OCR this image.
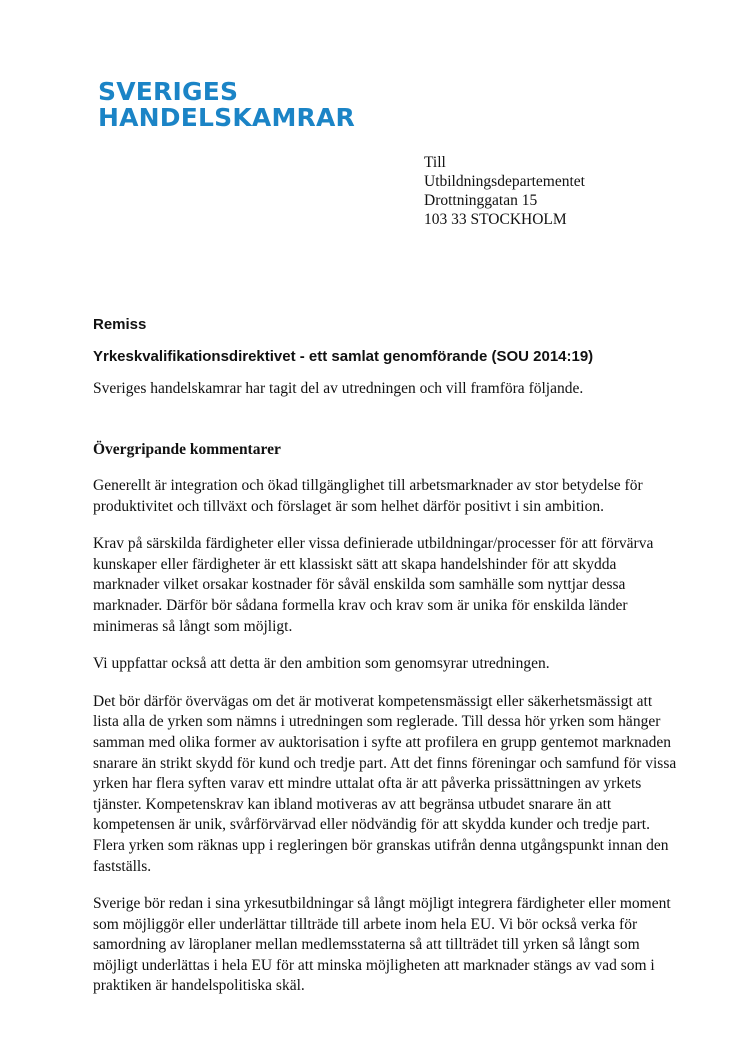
SVERIGES
HANDELSKAMRAR
Till
Utbildningsdepartementet
Drottninggatan 15
103 33 STOCKHOLM

Remiss

Yrkeskvalifikationsdirektivet - ett samlat genomförande (SOU 2014:19)

Sveriges handelskamrar har tagit del av utredningen och vill framföra följande.

Övergripande kommentarer

Generellt är integration och ökad tillgänglighet till arbetsmarknader av stor betydelse för
produktivitet och tillväxt och förslaget är som helhet därför positivt i sin ambition.

Krav på särskilda färdigheter eller vissa definierade utbildningar/processer för att förvärva
kunskaper eller färdigheter är ett klassiskt sätt att skapa handelshinder för att skydda
marknader vilket orsakar kostnader för såväl enskilda som samhälle som nyttjar dessa
marknader. Därför bör sådana formella krav och krav som är unika för enskilda länder
minimeras så långt som möjligt.

Vi uppfattar också att detta är den ambition som genomsyrar utredningen.

Det bör därför övervägas om det är motiverat kompetensmässigt eller säkerhetsmässigt att
lista alla de yrken som nämns i utredningen som reglerade. Till dessa hör yrken som hänger
samman med olika former av auktorisation i syfte att profilera en grupp gentemot marknaden
snarare än strikt skydd för kund och tredje part. Att det finns föreningar och samfund för vissa
yrken har flera syften varav ett mindre uttalat ofta är att påverka prissättningen av yrkets
tjänster. Kompetenskrav kan ibland motiveras av att begränsa utbudet snarare än att
kompetensen är unik, svårförvärvad eller nödvändig för att skydda kunder och tredje part.
Flera yrken som räknas upp i regleringen bör granskas utifrån denna utgångspunkt innan den
fastställs.

Sverige bör redan i sina yrkesutbildningar så långt möjligt integrera färdigheter eller moment
som möjliggör eller underlättar tillträde till arbete inom hela EU. Vi bör också verka för
samordning av läroplaner mellan medlemsstaterna så att tillträdet till yrken så långt som
möjligt underlättas i hela EU för att minska möjligheten att marknader stängs av vad som i
praktiken är handelspolitiska skäl.
